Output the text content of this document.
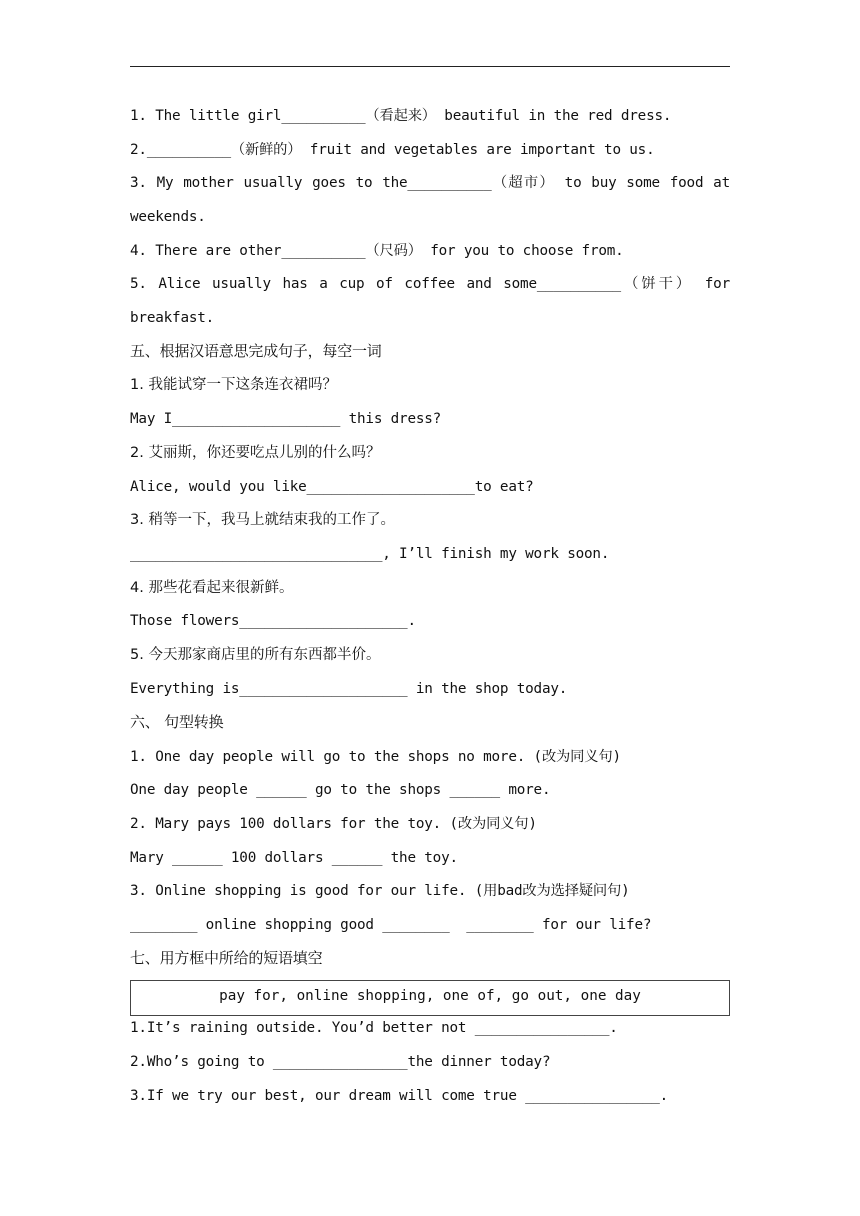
1. The little girl__________（看起来） beautiful in the red dress.
2.__________（新鲜的） fruit and vegetables are important to us.
3. My mother usually goes to the__________（超市） to buy some food at
weekends.
4. There are other__________（尺码） for you to choose from.
5. Alice usually has a cup of coffee and some__________（饼干） for
breakfast.
五、根据汉语意思完成句子，每空一词
1. 我能试穿一下这条连衣裙吗？
May I____________________ this dress?
2. 艾丽斯，你还要吃点儿别的什么吗？
Alice, would you like____________________to eat?
3. 稍等一下，我马上就结束我的工作了。
______________________________, I’ll finish my work soon.
4. 那些花看起来很新鲜。
Those flowers____________________.
5. 今天那家商店里的所有东西都半价。
Everything is____________________ in the shop today.
六、 句型转换
1. One day people will go to the shops no more. (改为同义句)
One day people ______ go to the shops ______ more.
2. Mary pays 100 dollars for the toy. (改为同义句)
Mary ______ 100 dollars ______ the toy.
3. Online shopping is good for our life. (用bad改为选择疑问句)
________ online shopping good ________  ________ for our life?
七、用方框中所给的短语填空
pay for, online shopping, one of, go out, one day
1.It’s raining outside. You’d better not ________________.
2.Who’s going to ________________the dinner today?
3.If we try our best, our dream will come true ________________.
